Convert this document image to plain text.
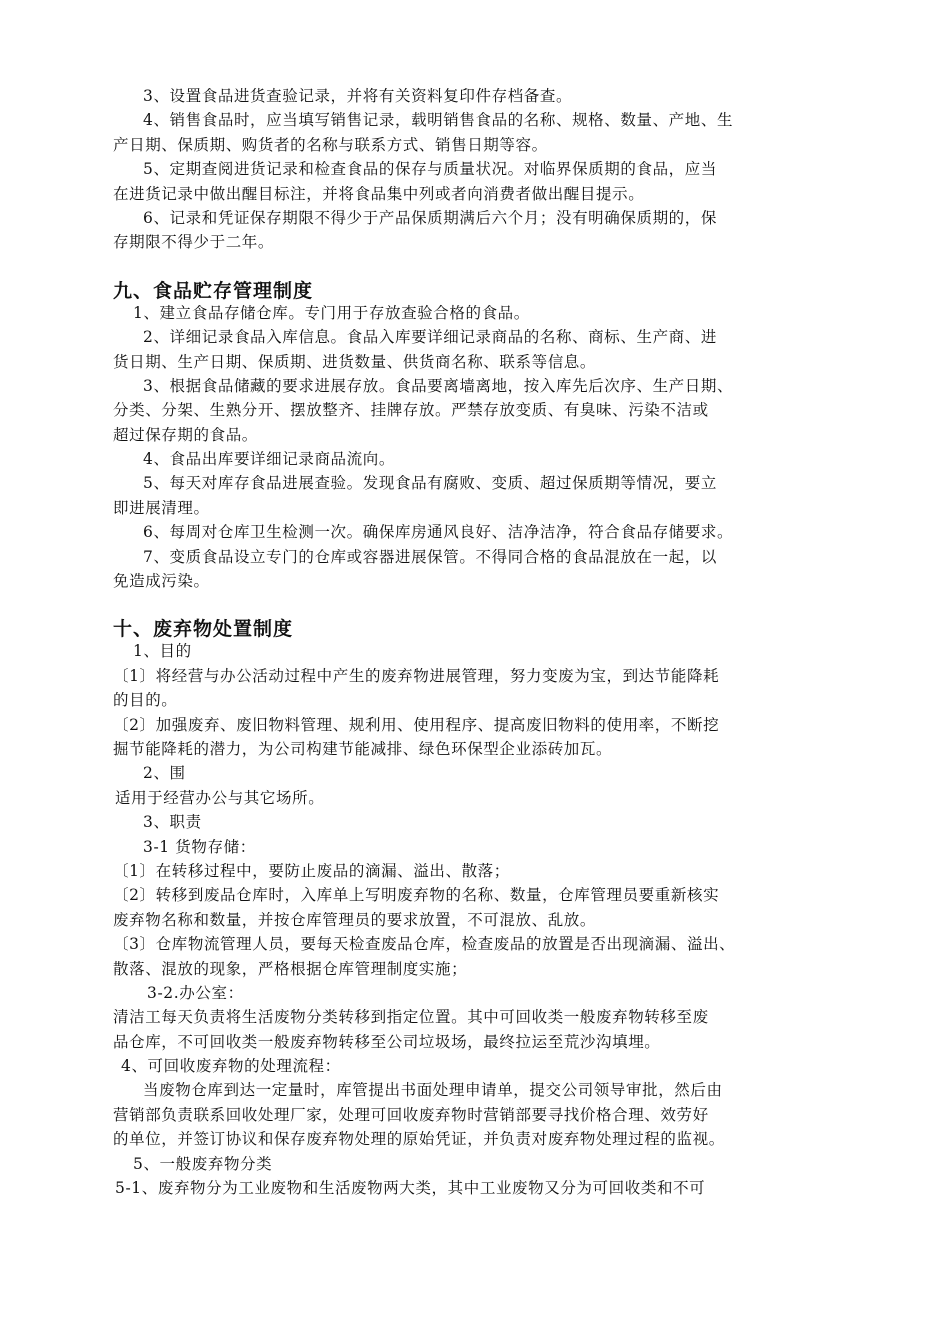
3、设置食品进货查验记录，并将有关资料复印件存档备查。
4、销售食品时，应当填写销售记录，载明销售食品的名称、规格、数量、产地、生
产日期、保质期、购货者的名称与联系方式、销售日期等容。
5、定期查阅进货记录和检查食品的保存与质量状况。对临界保质期的食品，应当
在进货记录中做出醒目标注，并将食品集中列或者向消费者做出醒目提示。
6、记录和凭证保存期限不得少于产品保质期满后六个月；没有明确保质期的，保
存期限不得少于二年。
九、食品贮存管理制度
1、建立食品存储仓库。专门用于存放查验合格的食品。
2、详细记录食品入库信息。食品入库要详细记录商品的名称、商标、生产商、进
货日期、生产日期、保质期、进货数量、供货商名称、联系等信息。
3、根据食品储藏的要求进展存放。食品要离墙离地，按入库先后次序、生产日期、
分类、分架、生熟分开、摆放整齐、挂牌存放。严禁存放变质、有臭味、污染不洁或
超过保存期的食品。
4、食品出库要详细记录商品流向。
5、每天对库存食品进展查验。发现食品有腐败、变质、超过保质期等情况，要立
即进展清理。
6、每周对仓库卫生检测一次。确保库房通风良好、洁净洁净，符合食品存储要求。
7、变质食品设立专门的仓库或容器进展保管。不得同合格的食品混放在一起，以
免造成污染。
十、废弃物处置制度
1、目的
〔1〕将经营与办公活动过程中产生的废弃物进展管理，努力变废为宝，到达节能降耗
的目的。
〔2〕加强废弃、废旧物料管理、规利用、使用程序、提高废旧物料的使用率，不断挖
掘节能降耗的潜力，为公司构建节能减排、绿色环保型企业添砖加瓦。
2、围
适用于经营办公与其它场所。
3、职责
3-1 货物存储：
〔1〕在转移过程中，要防止废品的滴漏、溢出、散落；
〔2〕转移到废品仓库时，入库单上写明废弃物的名称、数量，仓库管理员要重新核实
废弃物名称和数量，并按仓库管理员的要求放置，不可混放、乱放。
〔3〕仓库物流管理人员，要每天检查废品仓库，检查废品的放置是否出现滴漏、溢出、
散落、混放的现象，严格根据仓库管理制度实施；
3-2.办公室：
清洁工每天负责将生活废物分类转移到指定位置。其中可回收类一般废弃物转移至废
品仓库，不可回收类一般废弃物转移至公司垃圾场，最终拉运至荒沙沟填埋。
4、可回收废弃物的处理流程：
当废物仓库到达一定量时，库管提出书面处理申请单，提交公司领导审批，然后由
营销部负责联系回收处理厂家，处理可回收废弃物时营销部要寻找价格合理、效劳好
的单位，并签订协议和保存废弃物处理的原始凭证，并负责对废弃物处理过程的监视。
5、一般废弃物分类
5-1、废弃物分为工业废物和生活废物两大类，其中工业废物又分为可回收类和不可
